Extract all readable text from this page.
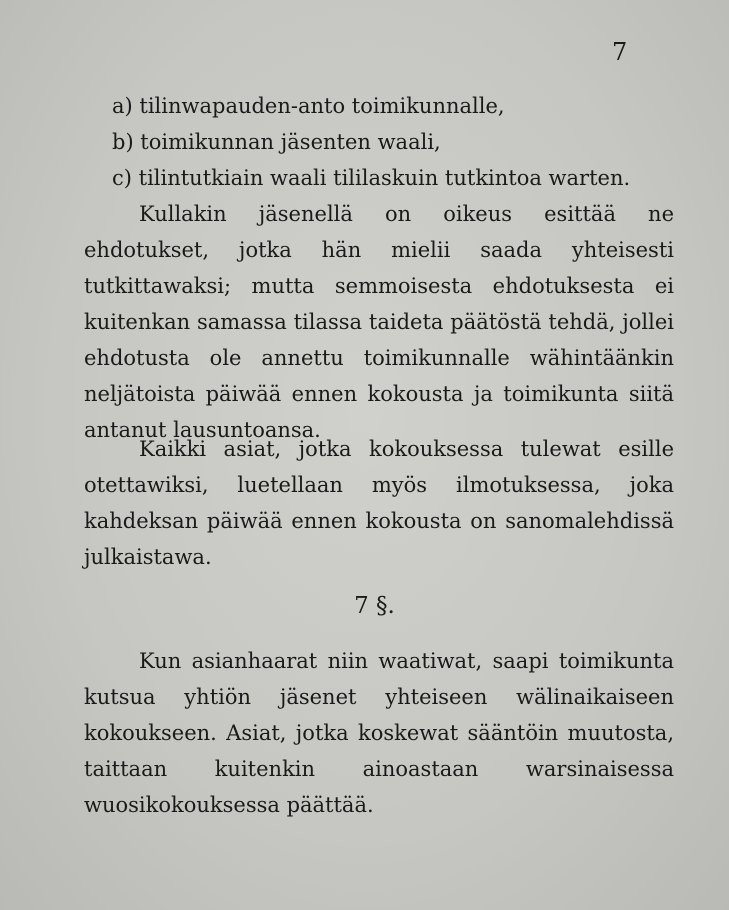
7
a) tilinwapauden-anto toimikunnalle,
b) toimikunnan jäsenten waali,
c) tilintutkiain waali tililaskuin tutkintoa warten.

Kullakin jäsenellä on oikeus esittää ne ehdotukset, jotka hän mielii saada yhteisesti tutkittawaksi; mutta semmoisesta ehdotuksesta ei kuitenkan samassa tilassa taideta päätöstä tehdä, jollei ehdotusta ole annettu toimikunnalle wähintäänkin neljätoista päiwää ennen kokousta ja toimikunta siitä antanut lausuntoansa.

Kaikki asiat, jotka kokouksessa tulewat esille otettawiksi, luetellaan myös ilmotuksessa, joka kahdeksan päiwää ennen kokousta on sanomalehdissä julkaistawa.

7 §.

Kun asianhaarat niin waatiwat, saapi toimikunta kutsua yhtiön jäsenet yhteiseen wälinaikaiseen kokoukseen. Asiat, jotka koskewat sääntöin muutosta, taittaan kuitenkin ainoastaan warsinaisessa wuosikokouksessa päättää.
